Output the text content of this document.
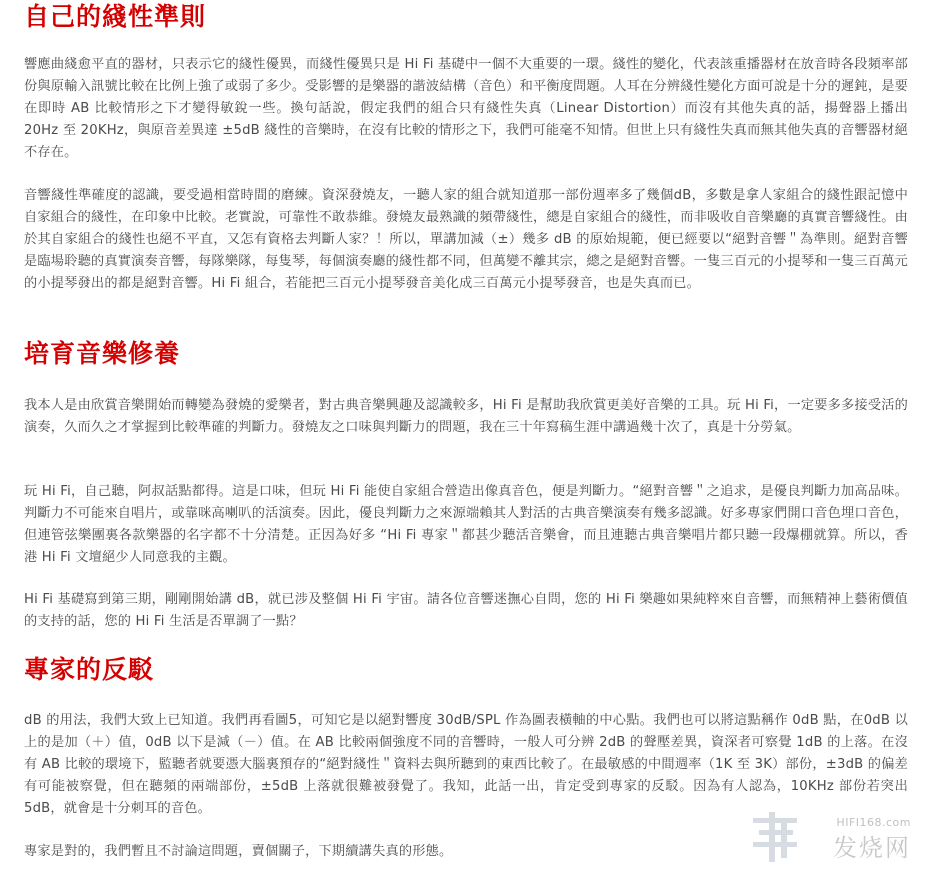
自己的綫性準則

響應曲綫愈平直的器材，只表示它的綫性優異，而綫性優異只是 Hi Fi 基礎中一個不大重要的一環。綫性的變化，代表該重播器材在放音時各段頻率部份與原輸入訊號比較在比例上強了或弱了多少。受影響的是樂器的諧波結構（音色）和平衡度問題。人耳在分辨綫性變化方面可說是十分的遲鈍，是要在即時 AB 比較情形之下才變得敏銳一些。換句話說，假定我們的組合只有綫性失真（Linear Distortion）而沒有其他失真的話，揚聲器上播出 20Hz 至 20KHz，與原音差異達 ±5dB 綫性的音樂時，在沒有比較的情形之下，我們可能毫不知情。但世上只有綫性失真而無其他失真的音響器材絕不存在。

音響綫性準確度的認識，要受過相當時間的磨練。資深發燒友，一聽人家的組合就知道那一部份週率多了幾個dB，多數是拿人家組合的綫性跟記憶中自家組合的綫性，在印象中比較。老實說，可靠性不敢恭維。發燒友最熟識的頻帶綫性，總是自家組合的綫性，而非吸收自音樂廳的真實音響綫性。由於其自家組合的綫性也絕不平直，又怎有資格去判斷人家？！所以，單講加減（±）幾多 dB 的原始規範，便已經要以“絕對音響＂為準則。絕對音響是臨場聆聽的真實演奏音響，每隊樂隊，每隻琴，每個演奏廳的綫性都不同，但萬變不離其宗，總之是絕對音響。一隻三百元的小提琴和一隻三百萬元的小提琴發出的都是絕對音響。Hi Fi 組合，若能把三百元小提琴發音美化成三百萬元小提琴發音，也是失真而已。

培育音樂修養

我本人是由欣賞音樂開始而轉變為發燒的愛樂者，對古典音樂興趣及認識較多，Hi Fi 是幫助我欣賞更美好音樂的工具。玩 Hi Fi，一定要多多接受活的演奏，久而久之才掌握到比較準確的判斷力。發燒友之口味與判斷力的問題，我在三十年寫稿生涯中講過幾十次了，真是十分勞氣。

玩 Hi Fi，自己聽，阿叔話點都得。這是口味，但玩 Hi Fi 能使自家組合營造出像真音色，便是判斷力。“絕對音響＂之追求，是優良判斷力加高品味。判斷力不可能來自唱片，或靠咪高喇叭的活演奏。因此，優良判斷力之來源端賴其人對活的古典音樂演奏有幾多認識。好多專家們開口音色埋口音色，但連管弦樂團裏各款樂器的名字都不十分清楚。正因為好多 “Hi Fi 專家＂都甚少聽活音樂會，而且連聽古典音樂唱片都只聽一段爆棚就算。所以，香港 Hi Fi 文壇絕少人同意我的主觀。

Hi Fi 基礎寫到第三期，剛剛開始講 dB，就已涉及整個 Hi Fi 宇宙。請各位音響迷撫心自問，您的 Hi Fi 樂趣如果純粹來自音響，而無精神上藝術價值的支持的話，您的 Hi Fi 生活是否單調了一點？

專家的反駁

dB 的用法，我們大致上已知道。我們再看圖5，可知它是以絕對響度 30dB/SPL 作為圖表橫軸的中心點。我們也可以將這點稱作 0dB 點，在0dB 以上的是加（＋）值，0dB 以下是減（－）值。在 AB 比較兩個強度不同的音響時，一般人可分辨 2dB 的聲壓差異，資深者可察覺 1dB 的上落。在沒有 AB 比較的環境下，監聽者就要憑大腦裏預存的“絕對綫性＂資料去與所聽到的東西比較了。在最敏感的中間週率（1K 至 3K）部份，±3dB 的偏差有可能被察覺，但在聽頻的兩端部份，±5dB 上落就很難被發覺了。我知，此話一出，肯定受到專家的反駁。因為有人認為，10KHz 部份若突出 5dB，就會是十分刺耳的音色。

專家是對的，我們暫且不討論這問題，賣個關子，下期續講失真的形態。

HIFI168.com
发烧网
